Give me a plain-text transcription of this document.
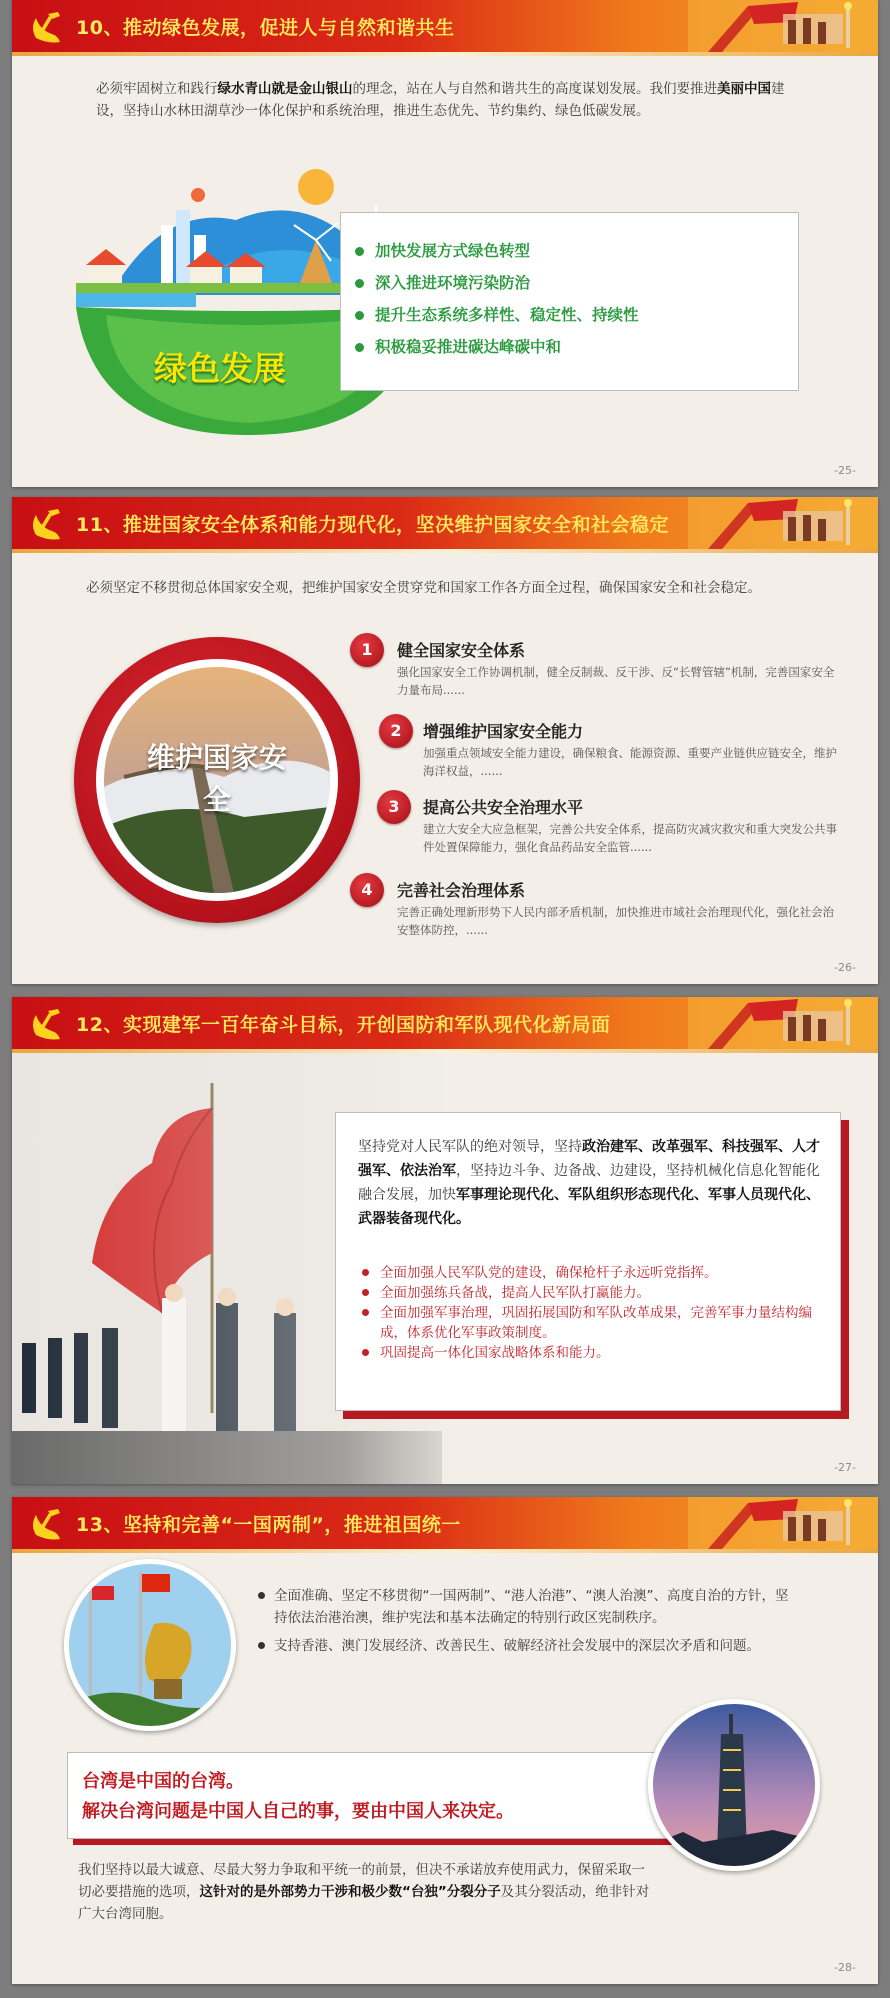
10、推动绿色发展，促进人与自然和谐共生
必须牢固树立和践行绿水青山就是金山银山的理念，站在人与自然和谐共生的高度谋划发展。我们要推进美丽中国建设，坚持山水林田湖草沙一体化保护和系统治理，推进生态优先、节约集约、绿色低碳发展。
绿色发展
加快发展方式绿色转型
深入推进环境污染防治
提升生态系统多样性、稳定性、持续性
积极稳妥推进碳达峰碳中和
-25-
11、推进国家安全体系和能力现代化，坚决维护国家安全和社会稳定
必须坚定不移贯彻总体国家安全观，把维护国家安全贯穿党和国家工作各方面全过程，确保国家安全和社会稳定。
维护国家安全
1	健全国家安全体系
强化国家安全工作协调机制，健全反制裁、反干涉、反“长臂管辖”机制，完善国家安全力量布局......
2	增强维护国家安全能力
加强重点领域安全能力建设，确保粮食、能源资源、重要产业链供应链安全，维护海洋权益，......
3	提高公共安全治理水平
建立大安全大应急框架，完善公共安全体系，提高防灾减灾救灾和重大突发公共事件处置保障能力，强化食品药品安全监管......
4	完善社会治理体系
完善正确处理新形势下人民内部矛盾机制，加快推进市域社会治理现代化，强化社会治安整体防控，......
-26-
12、实现建军一百年奋斗目标，开创国防和军队现代化新局面
坚持党对人民军队的绝对领导，坚持政治建军、改革强军、科技强军、人才强军、依法治军，坚持边斗争、边备战、边建设，坚持机械化信息化智能化融合发展，加快军事理论现代化、军队组织形态现代化、军事人员现代化、武器装备现代化。
全面加强人民军队党的建设，确保枪杆子永远听党指挥。
全面加强练兵备战，提高人民军队打赢能力。
全面加强军事治理，巩固拓展国防和军队改革成果，完善军事力量结构编成，体系优化军事政策制度。
巩固提高一体化国家战略体系和能力。
-27-
13、坚持和完善“一国两制”，推进祖国统一
全面准确、坚定不移贯彻“一国两制”、“港人治港”、“澳人治澳”、高度自治的方针，坚持依法治港治澳，维护宪法和基本法确定的特别行政区宪制秩序。
支持香港、澳门发展经济、改善民生、破解经济社会发展中的深层次矛盾和问题。
台湾是中国的台湾。
解决台湾问题是中国人自己的事，要由中国人来决定。
我们坚持以最大诚意、尽最大努力争取和平统一的前景，但决不承诺放弃使用武力，保留采取一切必要措施的选项，这针对的是外部势力干涉和极少数“台独”分裂分子及其分裂活动，绝非针对广大台湾同胞。
-28-
